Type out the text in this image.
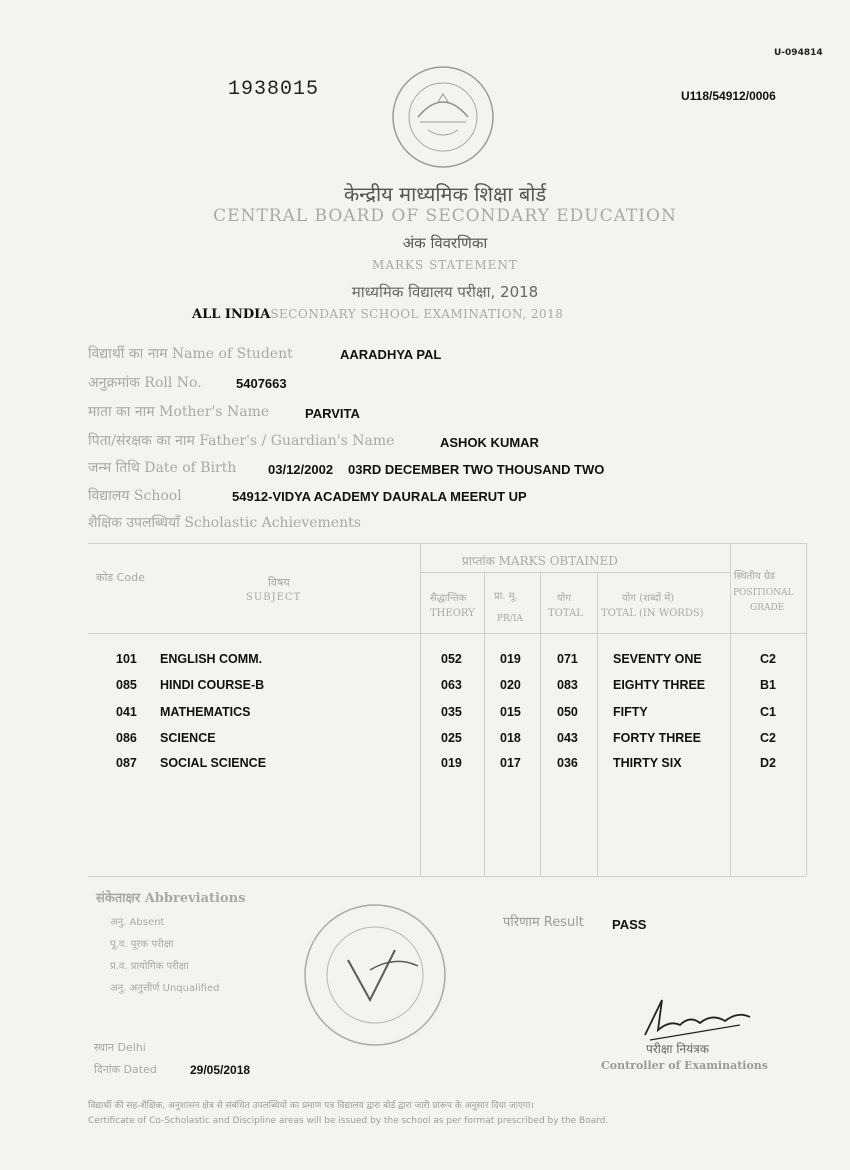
U-094814
1938015	U118/54912/0006
केन्द्रीय माध्यमिक शिक्षा बोर्ड
CENTRAL BOARD OF SECONDARY EDUCATION
अंक विवरणिका
MARKS STATEMENT
माध्यमिक विद्यालय परीक्षा, 2018
ALL INDIASECONDARY SCHOOL EXAMINATION, 2018
विद्यार्थी का नाम Name of Student	AARADHYA PAL
अनुक्रमांक Roll No.	5407663
माता का नाम Mother's Name	PARVITA
पिता/संरक्षक का नाम Father's / Guardian's Name	ASHOK KUMAR
जन्म तिथि Date of Birth 03/12/2002 03RD DECEMBER TWO THOUSAND TWO
विद्यालय School	54912-VIDYA ACADEMY DAURALA MEERUT UP
शैक्षिक उपलब्धियाँ Scholastic Achievements
कोड Code	विषय
SUBJECT
प्राप्तांक MARKS OBTAINED
सैद्धान्तिक
THEORY
प्रा. मू.
PR/IA
योग
TOTAL
योग (शब्दों में)
TOTAL (IN WORDS)
स्थितीय ग्रेड
POSITIONAL
GRADE
101 ENGLISH COMM.	052	019	071	SEVENTY ONE	C2
085 HINDI COURSE-B	063	020	083	EIGHTY THREE	B1
041 MATHEMATICS	035	015	050	FIFTY	C1
086 SCIENCE	025	018	043	FORTY THREE	C2
087 SOCIAL SCIENCE	019	017	036	THIRTY SIX	D2
संकेताक्षर Abbreviations
अनु. Absent
पू.व. पूरक परीक्षा
प्र.व. प्रायोगिक परीक्षा
अनु. अनुत्तीर्ण Unqualified
परिणाम Result PASS
परीक्षा नियंत्रक
Controller of Examinations
स्थान Delhi
दिनांक Dated	29/05/2018
विद्यार्थी की सह-शैक्षिक, अनुशासन क्षेत्र से संबंधित उपलब्धियों का प्रमाण पत्र विद्यालय द्वारा बोर्ड द्वारा जारी प्रारूप के अनुसार दिया जाएगा।
Certificate of Co-Scholastic and Discipline areas will be issued by the school as per format prescribed by the Board.
